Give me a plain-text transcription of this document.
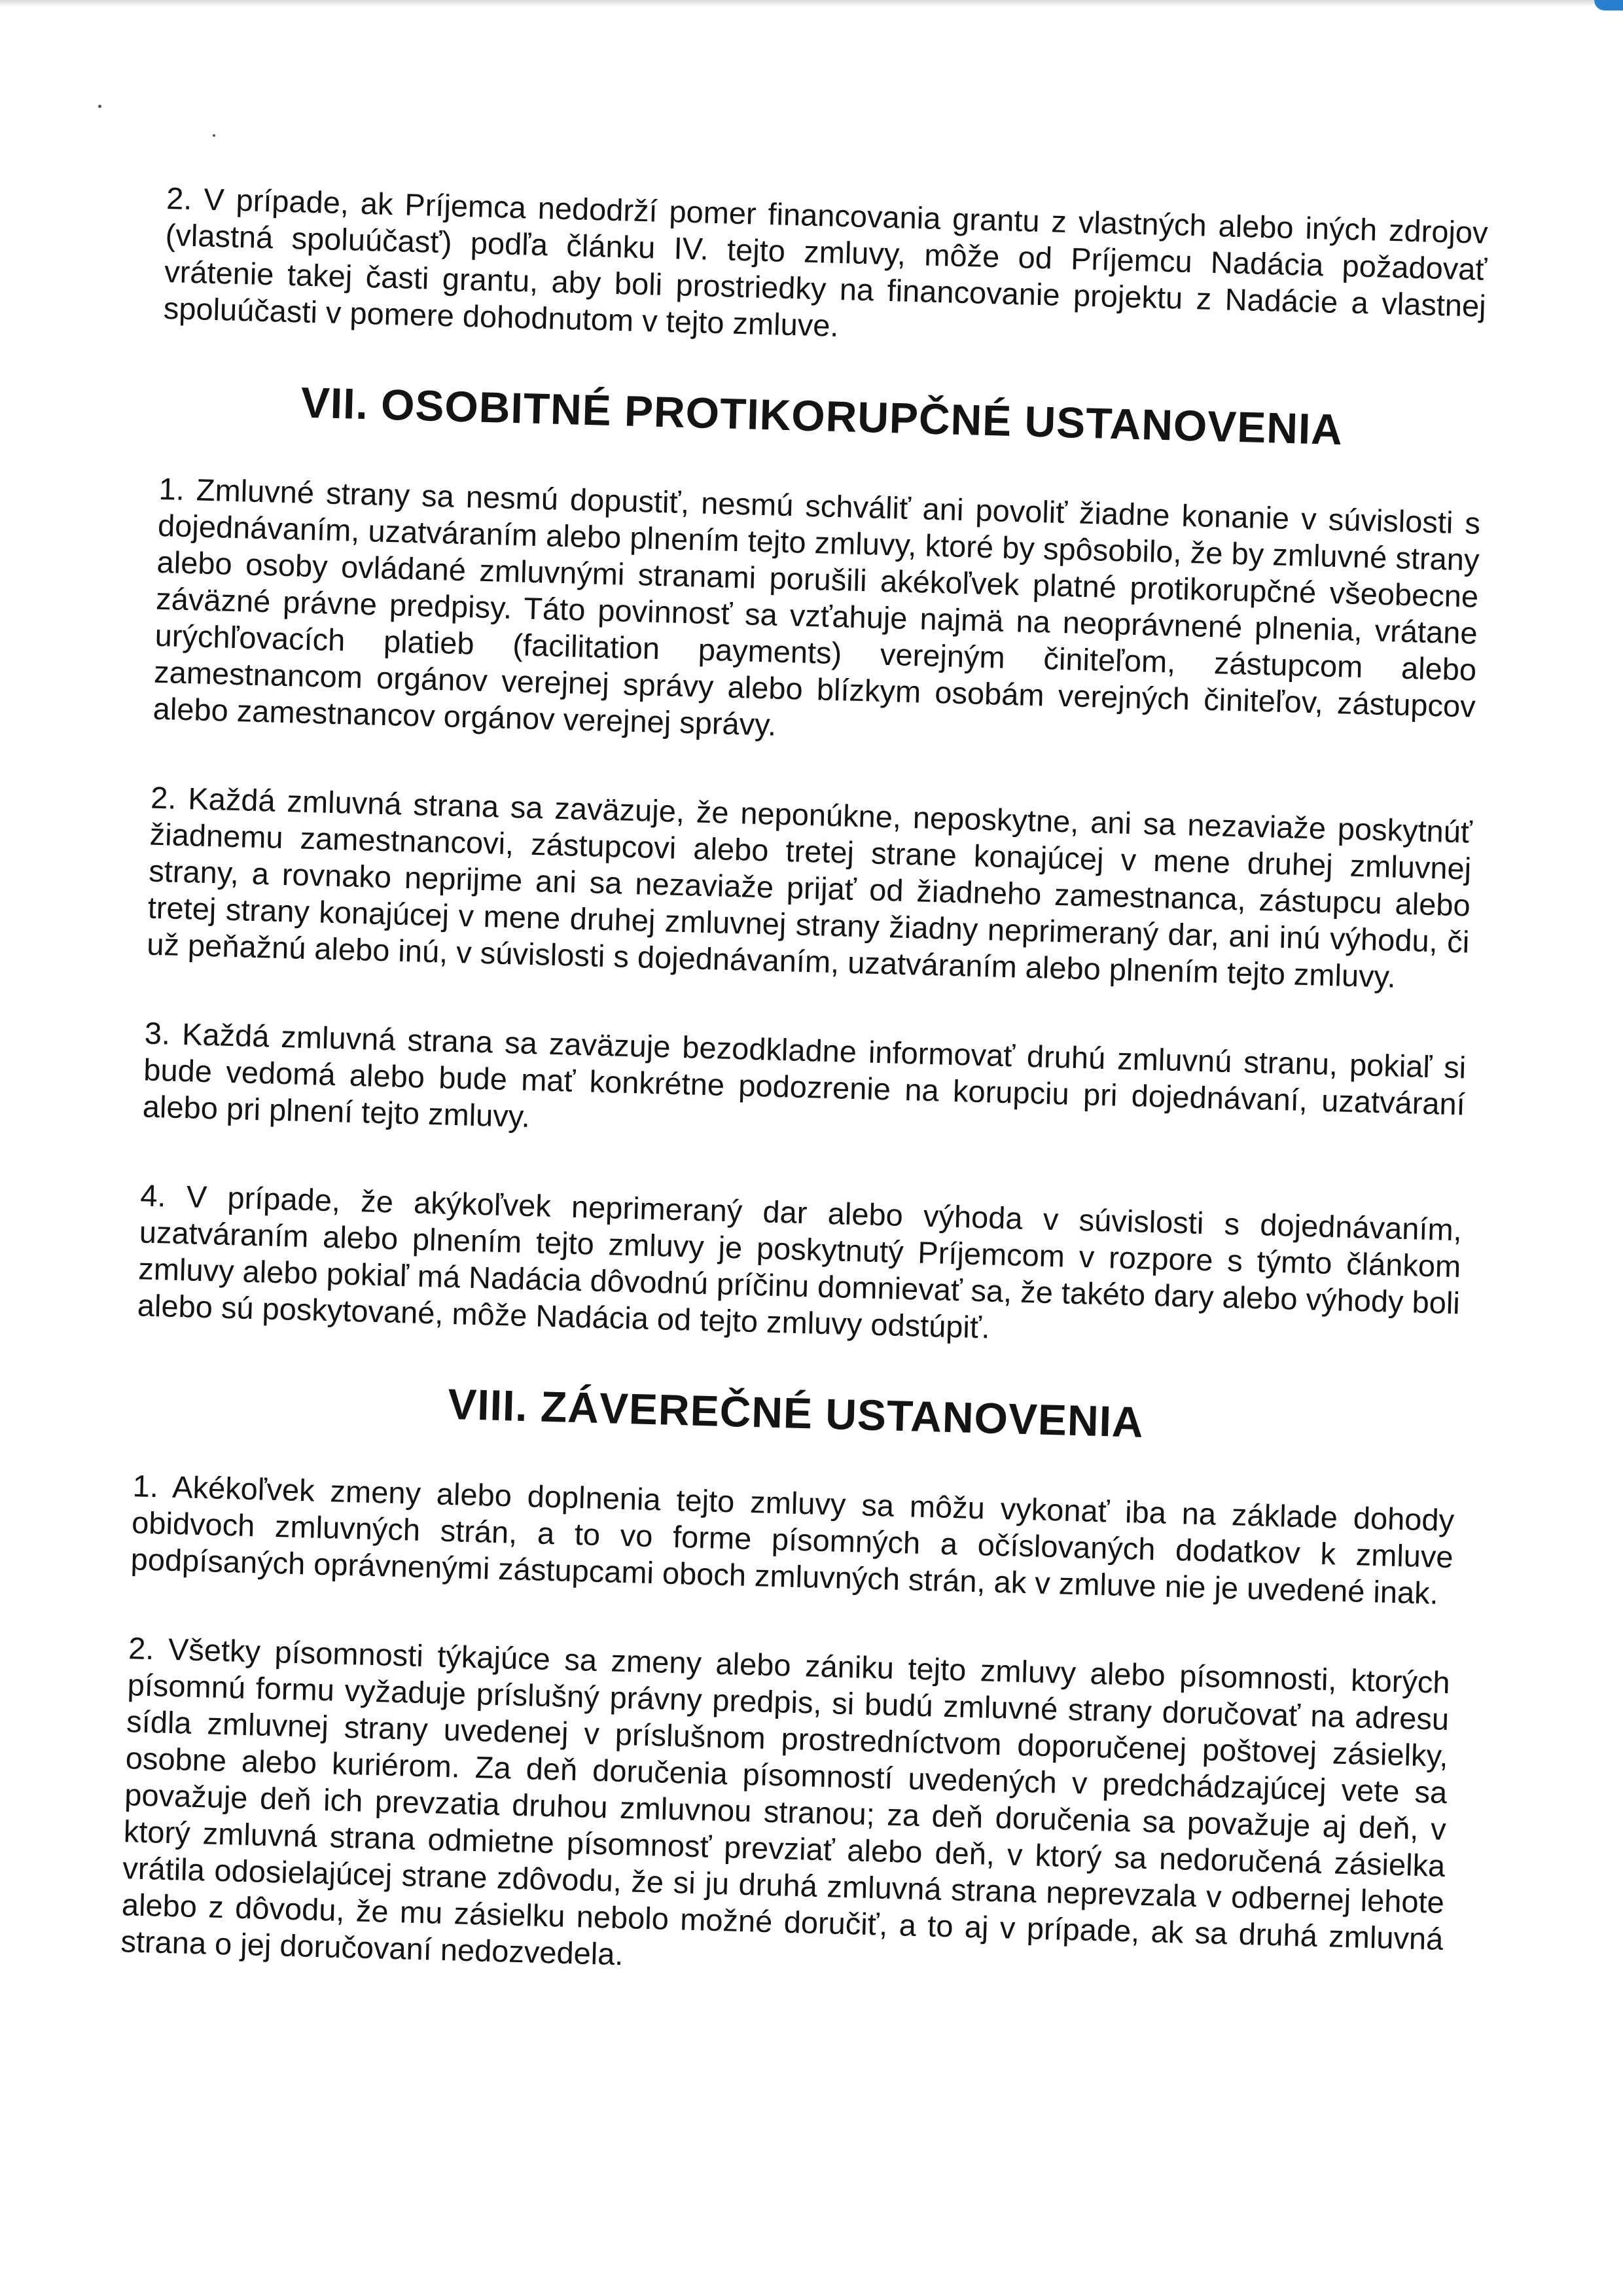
2. V prípade, ak Príjemca nedodrží pomer financovania grantu z vlastných alebo iných zdrojov (vlastná spoluúčasť) podľa článku IV. tejto zmluvy, môže od Príjemcu Nadácia požadovať vrátenie takej časti grantu, aby boli prostriedky na financovanie projektu z Nadácie a vlastnej spoluúčasti v pomere dohodnutom v tejto zmluve.

VII. OSOBITNÉ PROTIKORUPČNÉ USTANOVENIA

1. Zmluvné strany sa nesmú dopustiť, nesmú schváliť ani povoliť žiadne konanie v súvislosti s dojednávaním, uzatváraním alebo plnením tejto zmluvy, ktoré by spôsobilo, že by zmluvné strany alebo osoby ovládané zmluvnými stranami porušili akékoľvek platné protikorupčné všeobecne záväzné právne predpisy. Táto povinnosť sa vzťahuje najmä na neoprávnené plnenia, vrátane urýchľovacích platieb (facilitation payments) verejným činiteľom, zástupcom alebo zamestnancom orgánov verejnej správy alebo blízkym osobám verejných činiteľov, zástupcov alebo zamestnancov orgánov verejnej správy.

2. Každá zmluvná strana sa zaväzuje, že neponúkne, neposkytne, ani sa nezaviaže poskytnúť žiadnemu zamestnancovi, zástupcovi alebo tretej strane konajúcej v mene druhej zmluvnej strany, a rovnako neprijme ani sa nezaviaže prijať od žiadneho zamestnanca, zástupcu alebo tretej strany konajúcej v mene druhej zmluvnej strany žiadny neprimeraný dar, ani inú výhodu, či už peňažnú alebo inú, v súvislosti s dojednávaním, uzatváraním alebo plnením tejto zmluvy.

3. Každá zmluvná strana sa zaväzuje bezodkladne informovať druhú zmluvnú stranu, pokiaľ si bude vedomá alebo bude mať konkrétne podozrenie na korupciu pri dojednávaní, uzatváraní alebo pri plnení tejto zmluvy.

4. V prípade, že akýkoľvek neprimeraný dar alebo výhoda v súvislosti s dojednávaním, uzatváraním alebo plnením tejto zmluvy je poskytnutý Príjemcom v rozpore s týmto článkom zmluvy alebo pokiaľ má Nadácia dôvodnú príčinu domnievať sa, že takéto dary alebo výhody boli alebo sú poskytované, môže Nadácia od tejto zmluvy odstúpiť.

VIII. ZÁVEREČNÉ USTANOVENIA

1. Akékoľvek zmeny alebo doplnenia tejto zmluvy sa môžu vykonať iba na základe dohody obidvoch zmluvných strán, a to vo forme písomných a očíslovaných dodatkov k zmluve podpísaných oprávnenými zástupcami oboch zmluvných strán, ak v zmluve nie je uvedené inak.

2. Všetky písomnosti týkajúce sa zmeny alebo zániku tejto zmluvy alebo písomnosti, ktorých písomnú formu vyžaduje príslušný právny predpis, si budú zmluvné strany doručovať na adresu sídla zmluvnej strany uvedenej v príslušnom prostredníctvom doporučenej poštovej zásielky, osobne alebo kuriérom. Za deň doručenia písomností uvedených v predchádzajúcej vete sa považuje deň ich prevzatia druhou zmluvnou stranou; za deň doručenia sa považuje aj deň, v ktorý zmluvná strana odmietne písomnosť prevziať alebo deň, v ktorý sa nedoručená zásielka vrátila odosielajúcej strane zdôvodu, že si ju druhá zmluvná strana neprevzala v odbernej lehote alebo z dôvodu, že mu zásielku nebolo možné doručiť, a to aj v prípade, ak sa druhá zmluvná strana o jej doručovaní nedozvedela.
